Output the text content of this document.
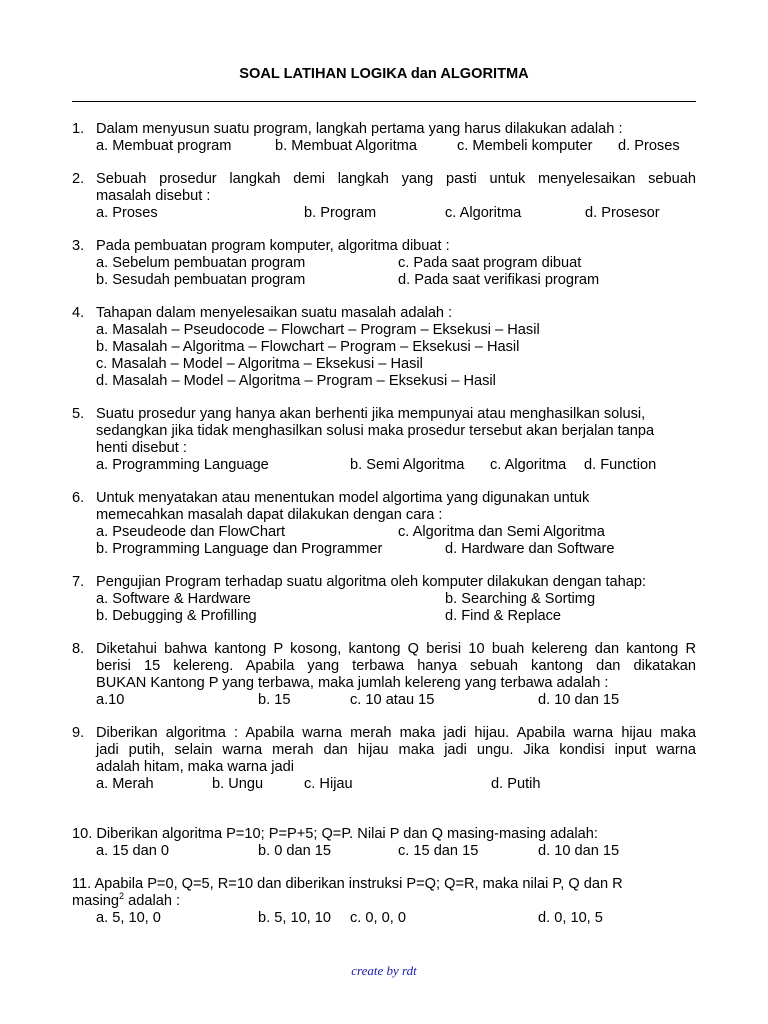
SOAL LATIHAN LOGIKA dan ALGORITMA
1. Dalam menyusun suatu program, langkah pertama yang harus dilakukan adalah :
a. Membuat program	b. Membuat Algoritma	c. Membeli komputer d. Proses
2. Sebuah prosedur langkah demi langkah yang pasti untuk menyelesaikan sebuah
masalah disebut :
a. Proses	b. Program	c. Algoritma	d. Prosesor
3. Pada pembuatan program komputer, algoritma dibuat :
a. Sebelum pembuatan program	c. Pada saat program dibuat
b. Sesudah pembuatan program	d. Pada saat verifikasi program
4. Tahapan dalam menyelesaikan suatu masalah adalah :
a. Masalah – Pseudocode – Flowchart – Program – Eksekusi – Hasil
b. Masalah – Algoritma – Flowchart – Program – Eksekusi – Hasil
c. Masalah – Model – Algoritma – Eksekusi – Hasil
d. Masalah – Model – Algoritma – Program – Eksekusi – Hasil
5. Suatu prosedur yang hanya akan berhenti jika mempunyai atau menghasilkan solusi,
sedangkan jika tidak menghasilkan solusi maka prosedur tersebut akan berjalan tanpa
henti disebut :
a. Programming Language	b. Semi Algoritma c. Algoritma d. Function
6. Untuk menyatakan atau menentukan model algortima yang digunakan untuk
memecahkan masalah dapat dilakukan dengan cara :
a. Pseudeode dan FlowChart	c. Algoritma dan Semi Algoritma
b. Programming Language dan Programmer	d. Hardware dan Software
7. Pengujian Program terhadap suatu algoritma oleh komputer dilakukan dengan tahap:
a. Software & Hardware	b. Searching & Sortimg
b. Debugging & Profilling	d. Find & Replace
8. Diketahui bahwa kantong P kosong, kantong Q berisi 10 buah kelereng dan kantong R
berisi 15 kelereng. Apabila yang terbawa hanya sebuah kantong dan dikatakan
BUKAN Kantong P yang terbawa, maka jumlah kelereng yang terbawa adalah :
a.10	b. 15	c. 10 atau 15	d. 10 dan 15
9. Diberikan algoritma : Apabila warna merah maka jadi hijau. Apabila warna hijau maka
jadi putih, selain warna merah dan hijau maka jadi ungu. Jika kondisi input warna
adalah hitam, maka warna jadi
a. Merah	b. Ungu	c. Hijau	d. Putih
10. Diberikan algoritma P=10; P=P+5; Q=P. Nilai P dan Q masing-masing adalah:
a. 15 dan 0	b. 0 dan 15	c. 15 dan 15	d. 10 dan 15
11. Apabila P=0, Q=5, R=10 dan diberikan instruksi P=Q; Q=R, maka nilai P, Q dan R
masing$^2$ adalah :
a. 5, 10, 0	b. 5, 10, 10 c. 0, 0, 0	d. 0, 10, 5
create by rdt
